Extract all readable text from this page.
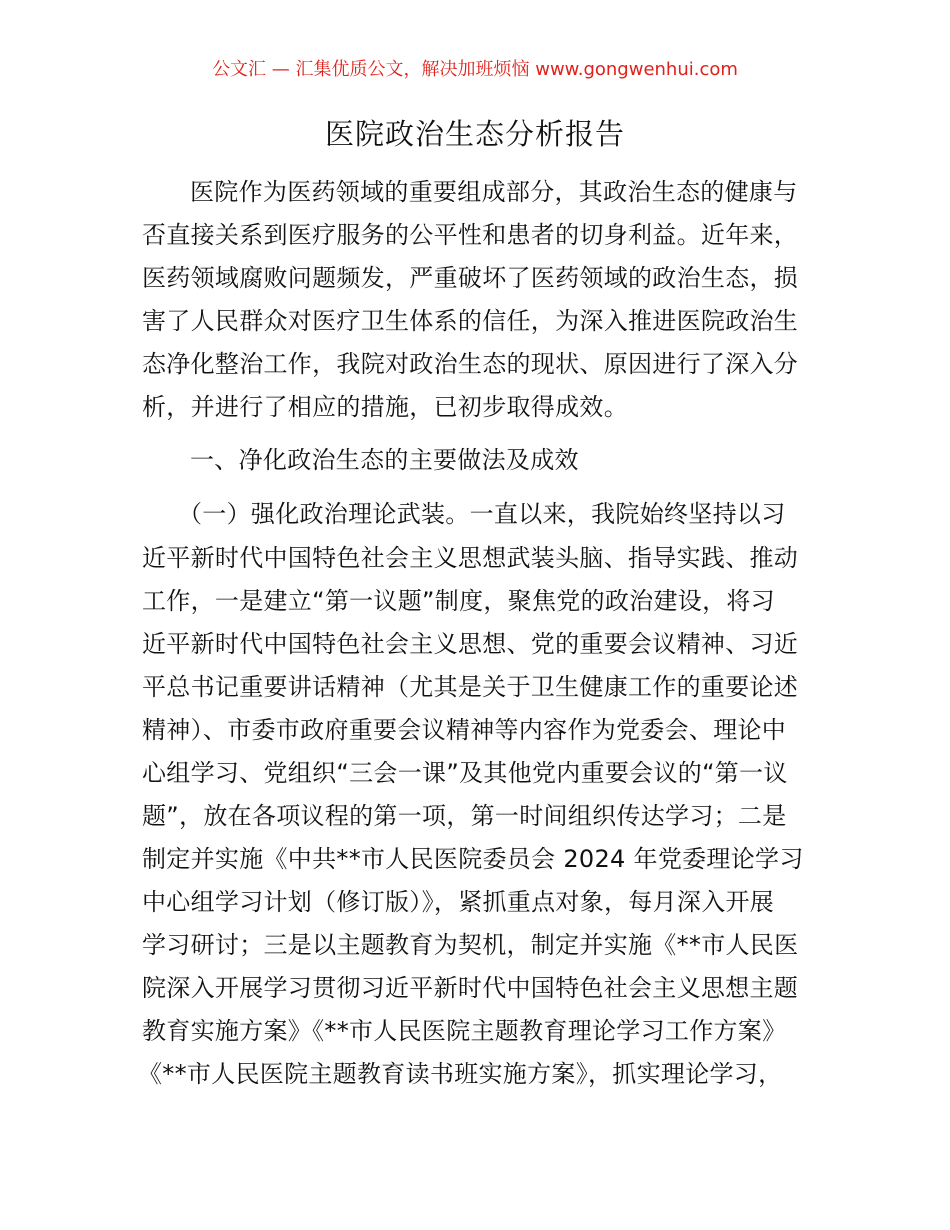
公文汇 — 汇集优质公文，解决加班烦恼 www.gongwenhui.com
医院政治生态分析报告
医院作为医药领域的重要组成部分，其政治生态的健康与
否直接关系到医疗服务的公平性和患者的切身利益。近年来，
医药领域腐败问题频发，严重破坏了医药领域的政治生态，损
害了人民群众对医疗卫生体系的信任，为深入推进医院政治生
态净化整治工作，我院对政治生态的现状、原因进行了深入分
析，并进行了相应的措施，已初步取得成效。
一、净化政治生态的主要做法及成效
（一）强化政治理论武装。一直以来，我院始终坚持以习
近平新时代中国特色社会主义思想武装头脑、指导实践、推动
工作，一是建立“第一议题”制度，聚焦党的政治建设，将习
近平新时代中国特色社会主义思想、党的重要会议精神、习近
平总书记重要讲话精神（尤其是关于卫生健康工作的重要论述
精神）、市委市政府重要会议精神等内容作为党委会、理论中
心组学习、党组织“三会一课”及其他党内重要会议的“第一议
题”，放在各项议程的第一项，第一时间组织传达学习；二是
制定并实施《中共**市人民医院委员会 2024 年党委理论学习
中心组学习计划（修订版）》，紧抓重点对象，每月深入开展
学习研讨；三是以主题教育为契机，制定并实施《**市人民医
院深入开展学习贯彻习近平新时代中国特色社会主义思想主题
教育实施方案》《**市人民医院主题教育理论学习工作方案》
《**市人民医院主题教育读书班实施方案》，抓实理论学习，
